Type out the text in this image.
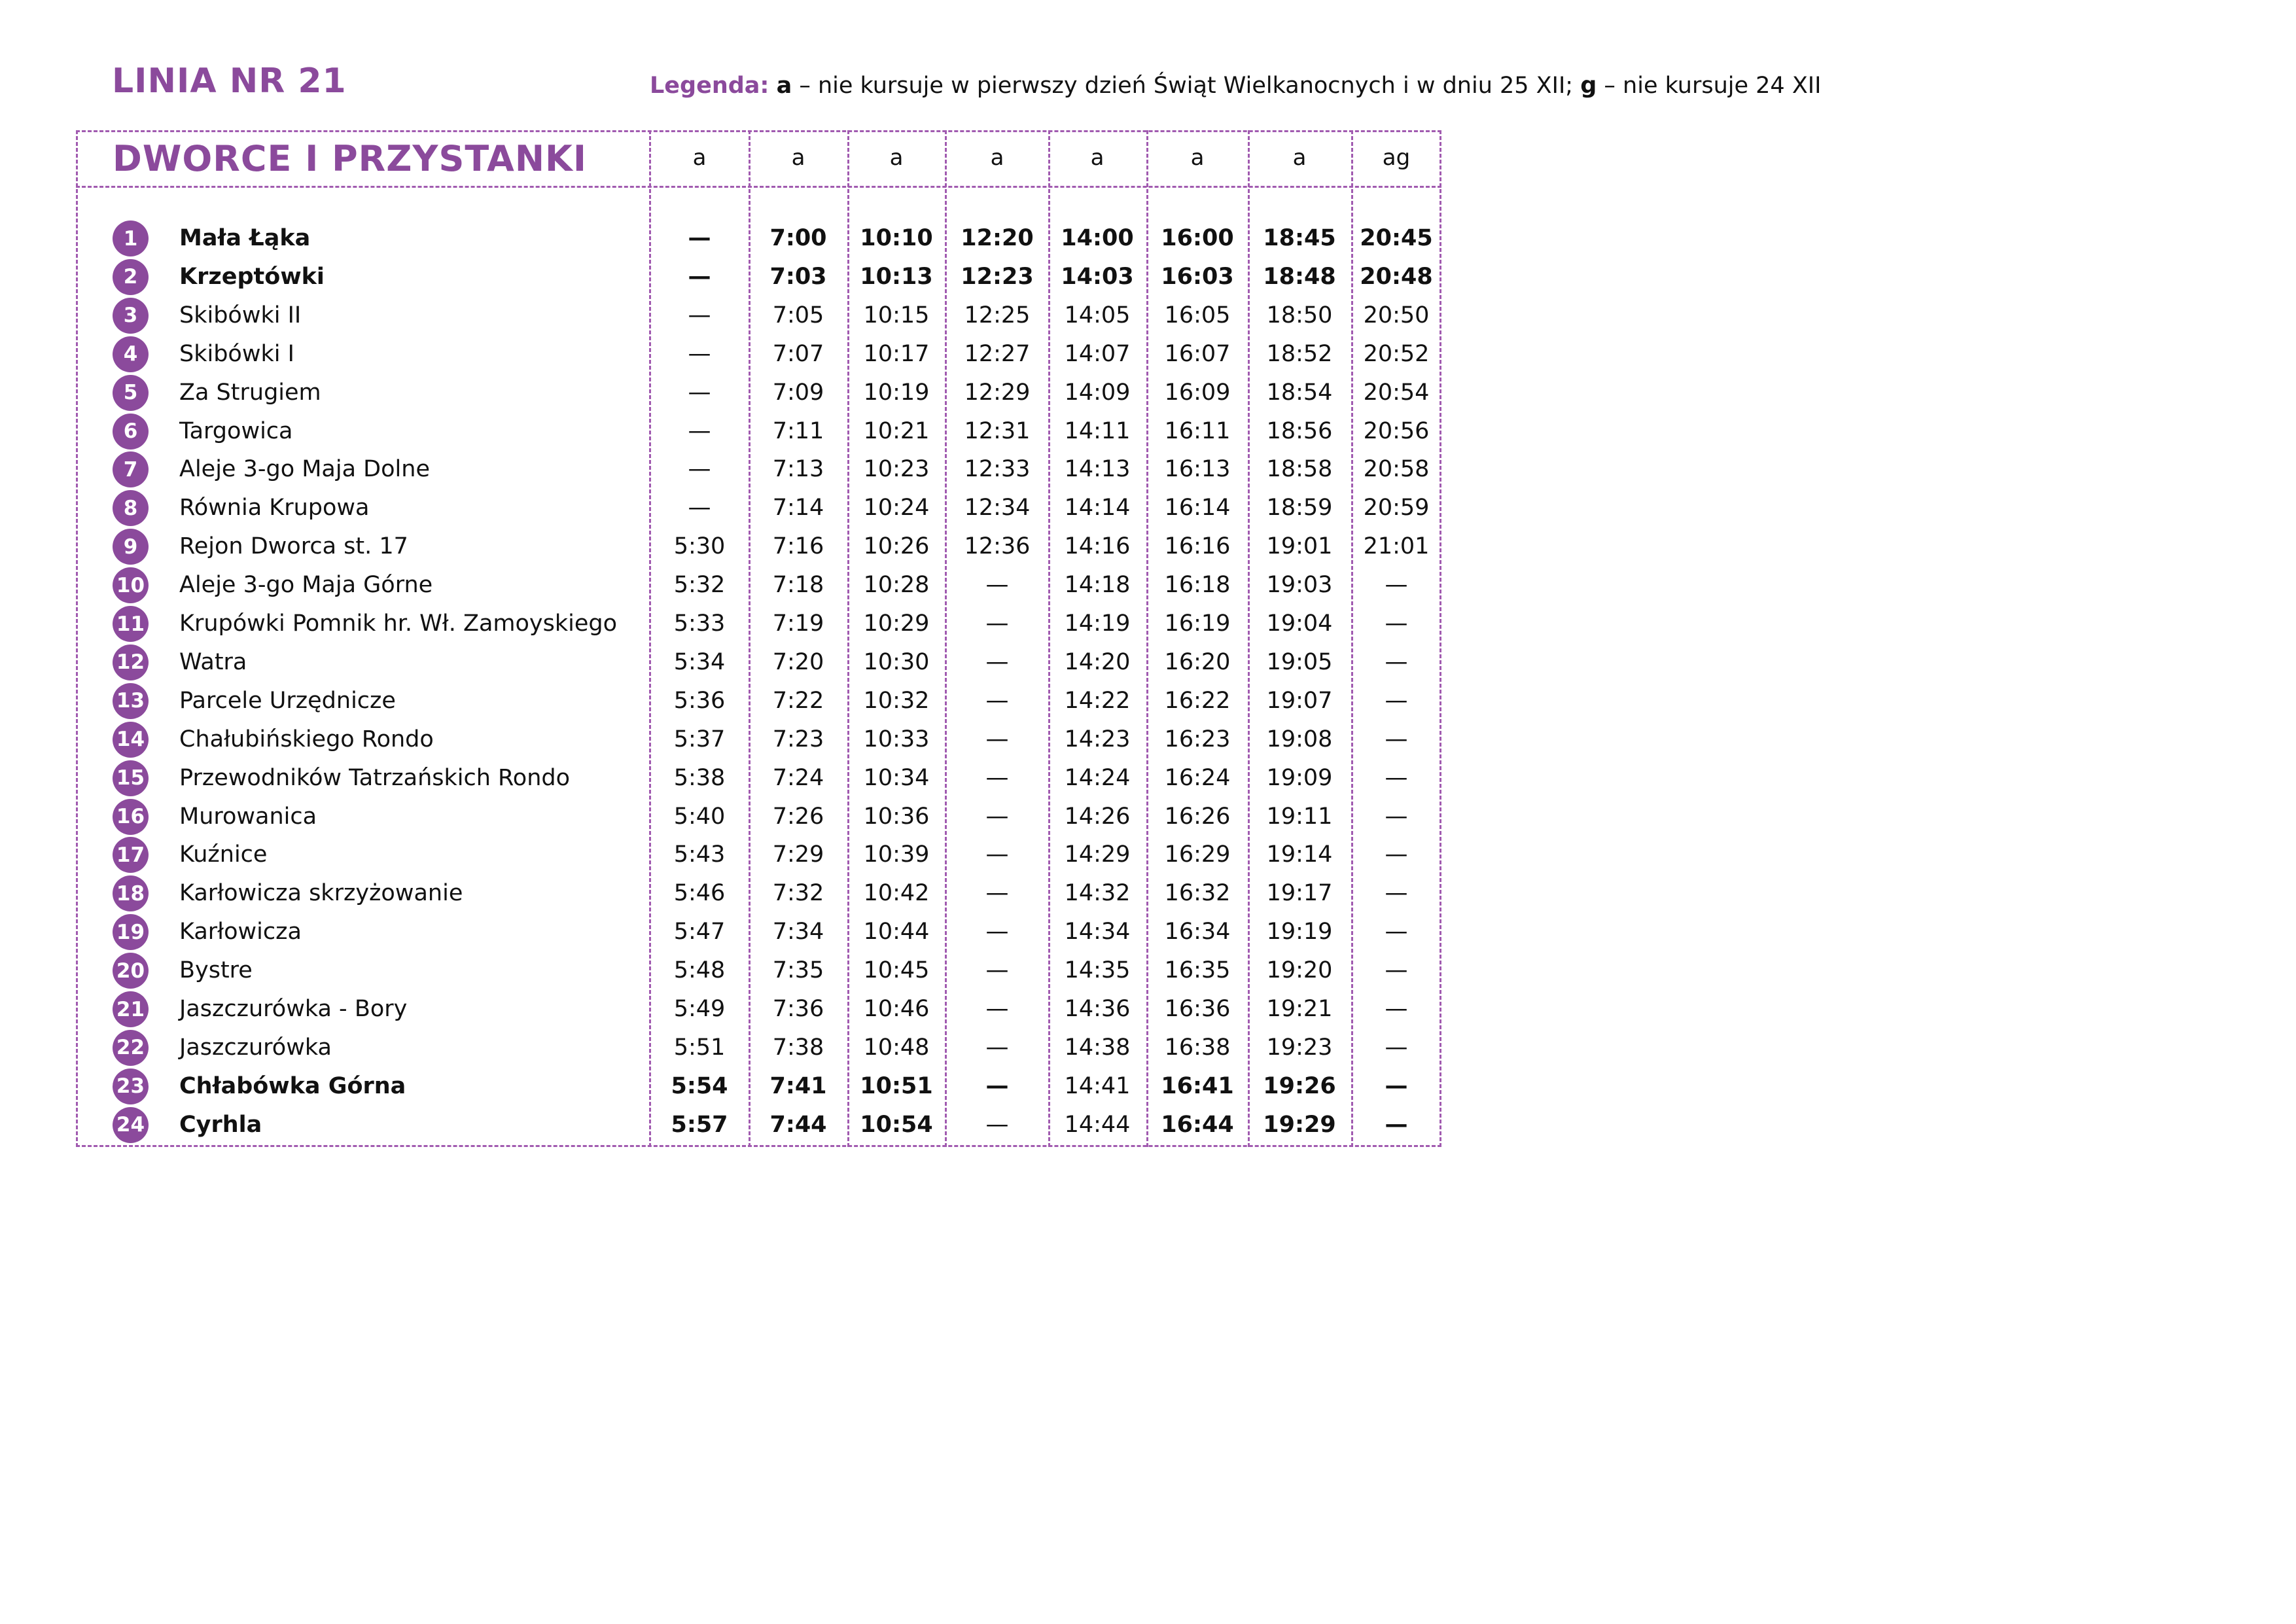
LINIA NR 21	Legenda: a – nie kursuje w pierwszy dzień Świąt Wielkanocnych i w dniu 25 XII; g – nie kursuje 24 XII
DWORCE I PRZYSTANKI	a	a	a	a	a	a	a	ag
1	Mała Łąka	—	7:00	10:10	12:20	14:00	16:00	18:45	20:45
2	Krzeptówki	—	7:03	10:13	12:23	14:03	16:03	18:48	20:48
3	Skibówki II	—	7:05	10:15	12:25	14:05	16:05	18:50	20:50
4	Skibówki I	—	7:07	10:17	12:27	14:07	16:07	18:52	20:52
5	Za Strugiem	—	7:09	10:19	12:29	14:09	16:09	18:54	20:54
6	Targowica	—	7:11	10:21	12:31	14:11	16:11	18:56	20:56
7	Aleje 3-go Maja Dolne	—	7:13	10:23	12:33	14:13	16:13	18:58	20:58
8	Równia Krupowa	—	7:14	10:24	12:34	14:14	16:14	18:59	20:59
9	Rejon Dworca st. 17	5:30	7:16	10:26	12:36	14:16	16:16	19:01	21:01
10 Aleje 3-go Maja Górne	5:32	7:18	10:28	—	14:18	16:18	19:03	—
11 Krupówki Pomnik hr. Wł. Zamoyskiego	5:33	7:19	10:29	—	14:19	16:19	19:04	—
12 Watra	5:34	7:20	10:30	—	14:20	16:20	19:05	—
13 Parcele Urzędnicze	5:36	7:22	10:32	—	14:22	16:22	19:07	—
14 Chałubińskiego Rondo	5:37	7:23	10:33	—	14:23	16:23	19:08	—
15 Przewodników Tatrzańskich Rondo	5:38	7:24	10:34	—	14:24	16:24	19:09	—
16 Murowanica	5:40	7:26	10:36	—	14:26	16:26	19:11	—
17 Kuźnice	5:43	7:29	10:39	—	14:29	16:29	19:14	—
18 Karłowicza skrzyżowanie	5:46	7:32	10:42	—	14:32	16:32	19:17	—
19 Karłowicza	5:47	7:34	10:44	—	14:34	16:34	19:19	—
20 Bystre	5:48	7:35	10:45	—	14:35	16:35	19:20	—
21 Jaszczurówka - Bory	5:49	7:36	10:46	—	14:36	16:36	19:21	—
22 Jaszczurówka	5:51	7:38	10:48	—	14:38	16:38	19:23	—
23 Chłabówka Górna	5:54	7:41	10:51	—	14:41	16:41	19:26	—
24 Cyrhla	5:57	7:44	10:54	—	14:44	16:44	19:29	—
